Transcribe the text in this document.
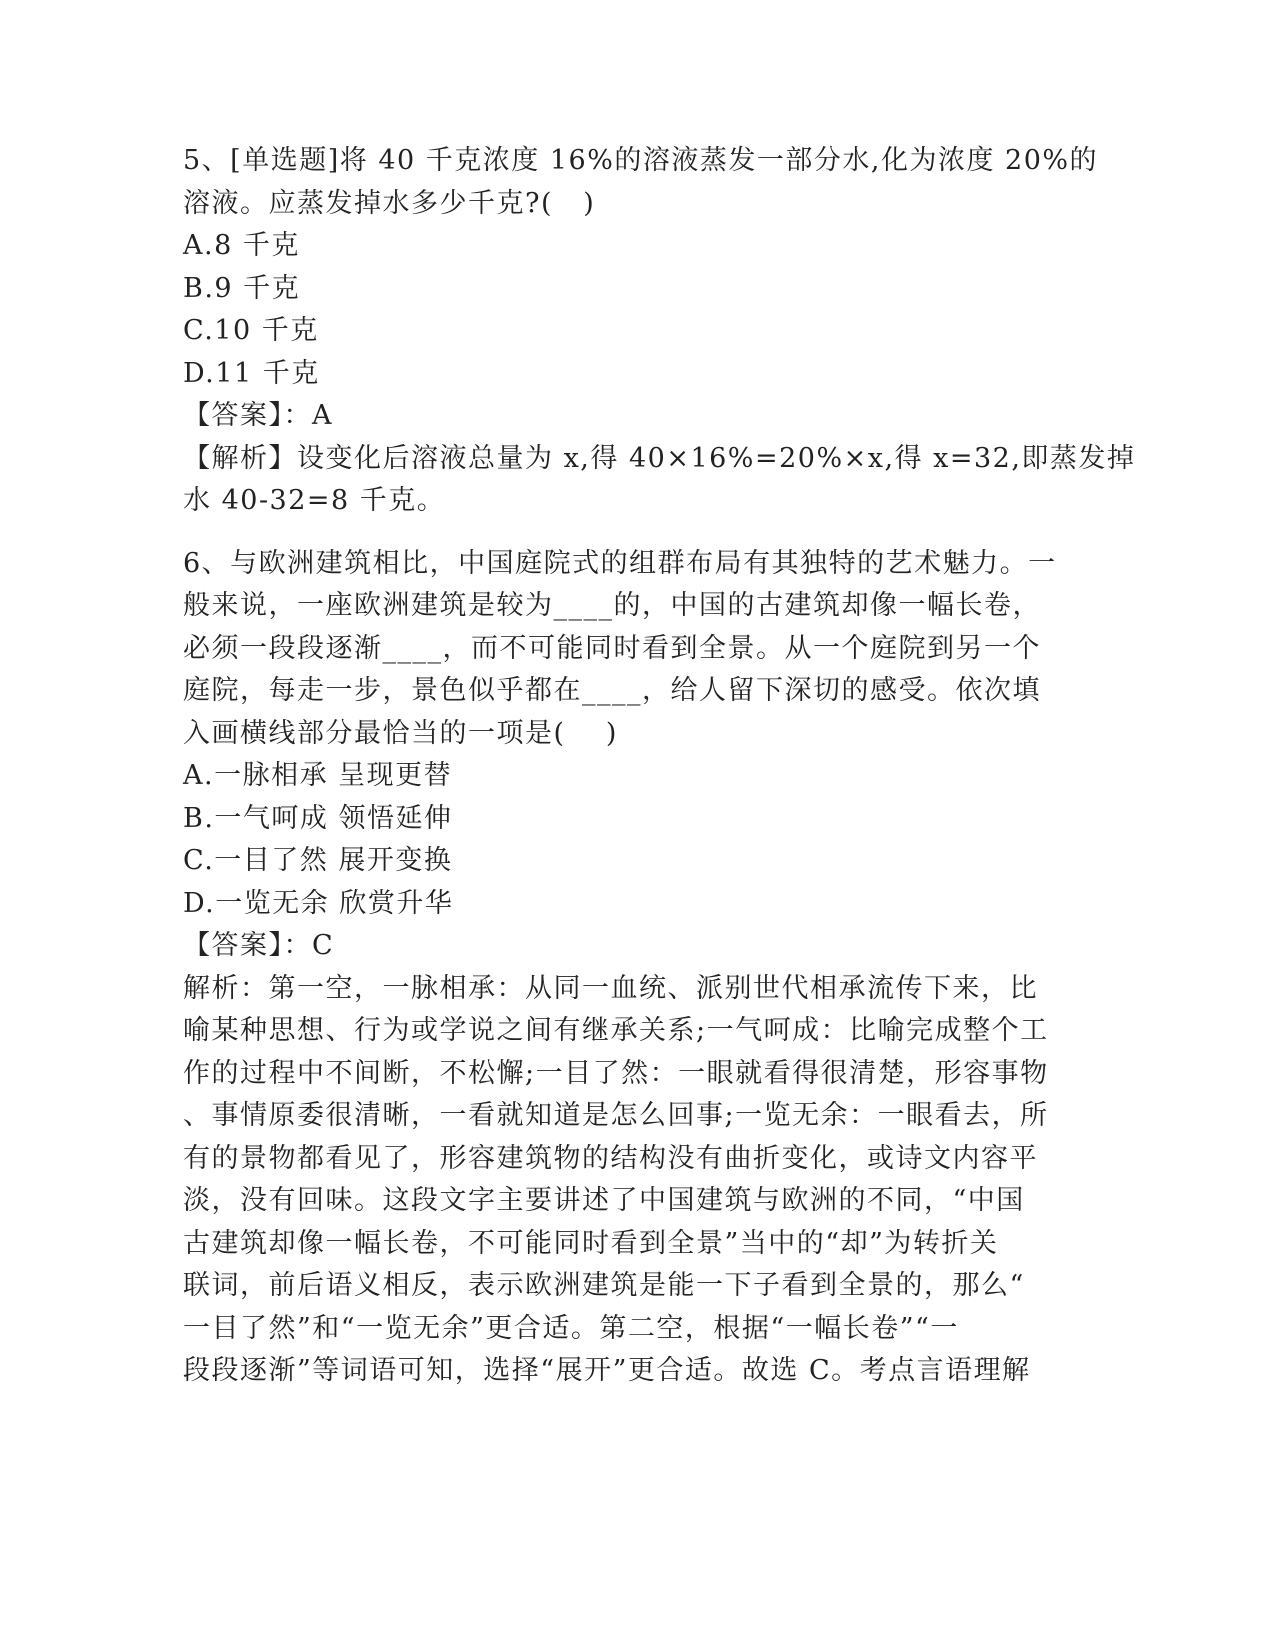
5、[单选题]将 40 千克浓度 16%的溶液蒸发一部分水,化为浓度 20%的
溶液。应蒸发掉水多少千克?(   )
A.8 千克
B.9 千克
C.10 千克
D.11 千克
【答案】：A
【解析】设变化后溶液总量为 x,得 40×16%=20%×x,得 x=32,即蒸发掉
水 40-32=8 千克。
6、与欧洲建筑相比，中国庭院式的组群布局有其独特的艺术魅力。一
般来说，一座欧洲建筑是较为____的，中国的古建筑却像一幅长卷，
必须一段段逐渐____，而不可能同时看到全景。从一个庭院到另一个
庭院，每走一步，景色似乎都在____，给人留下深切的感受。依次填
入画横线部分最恰当的一项是(    )
A.一脉相承 呈现更替
B.一气呵成 领悟延伸
C.一目了然 展开变换
D.一览无余 欣赏升华
【答案】：C
解析：第一空，一脉相承：从同一血统、派别世代相承流传下来，比
喻某种思想、行为或学说之间有继承关系;一气呵成：比喻完成整个工
作的过程中不间断，不松懈;一目了然：一眼就看得很清楚，形容事物
、事情原委很清晰，一看就知道是怎么回事;一览无余：一眼看去，所
有的景物都看见了，形容建筑物的结构没有曲折变化，或诗文内容平
淡，没有回味。这段文字主要讲述了中国建筑与欧洲的不同，“中国
古建筑却像一幅长卷，不可能同时看到全景”当中的“却”为转折关
联词，前后语义相反，表示欧洲建筑是能一下子看到全景的，那么“
一目了然”和“一览无余”更合适。第二空，根据“一幅长卷”“一
段段逐渐”等词语可知，选择“展开”更合适。故选 C。考点言语理解
